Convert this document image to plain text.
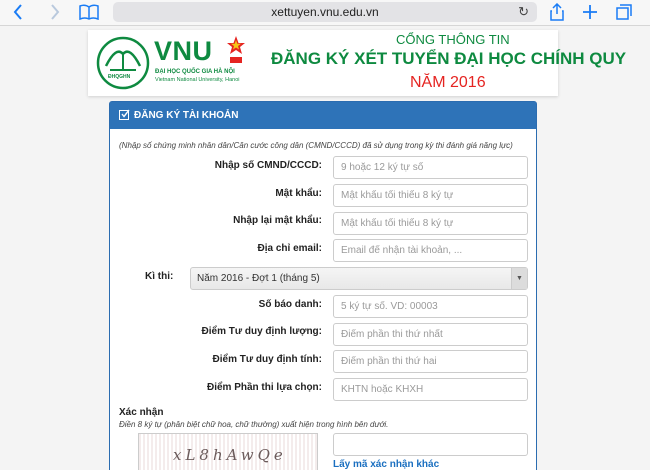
xettuyen.vnu.edu.vn	↻
ĐHQGHN
VNU
ĐẠI HỌC QUỐC GIA HÀ NỘI
Vietnam National University, Hanoi
CỔNG THÔNG TIN
ĐĂNG KÝ XÉT TUYỂN ĐẠI HỌC CHÍNH QUY
NĂM 2016
ĐĂNG KÝ TÀI KHOẢN
(Nhập số chứng minh nhân dân/Căn cước công dân (CMND/CCCD) đã sử dụng trong kỳ thi đánh giá năng lực)
Nhập số CMND/CCCD:
9 hoặc 12 ký tự số
Mật khẩu:
Nhập lại mật khẩu:
Địa chỉ email:
Email để nhận tài khoản, ...
Kì thi:	Năm 2016 - Đợt 1 (tháng 5)	▼
Số báo danh:
5 ký tự số. VD: 00003
Điểm Tư duy định lượng:
Điểm phần thi thứ nhất
Điểm Tư duy định tính:
Điểm phần thi thứ hai
Điểm Phần thi lựa chọn:
KHTN hoặc KHXH
Xác nhận
Điền 8 ký tự (phân biệt chữ hoa, chữ thường) xuất hiện trong hình bên dưới.
xL8hAwQe
Lấy mã xác nhận khác
